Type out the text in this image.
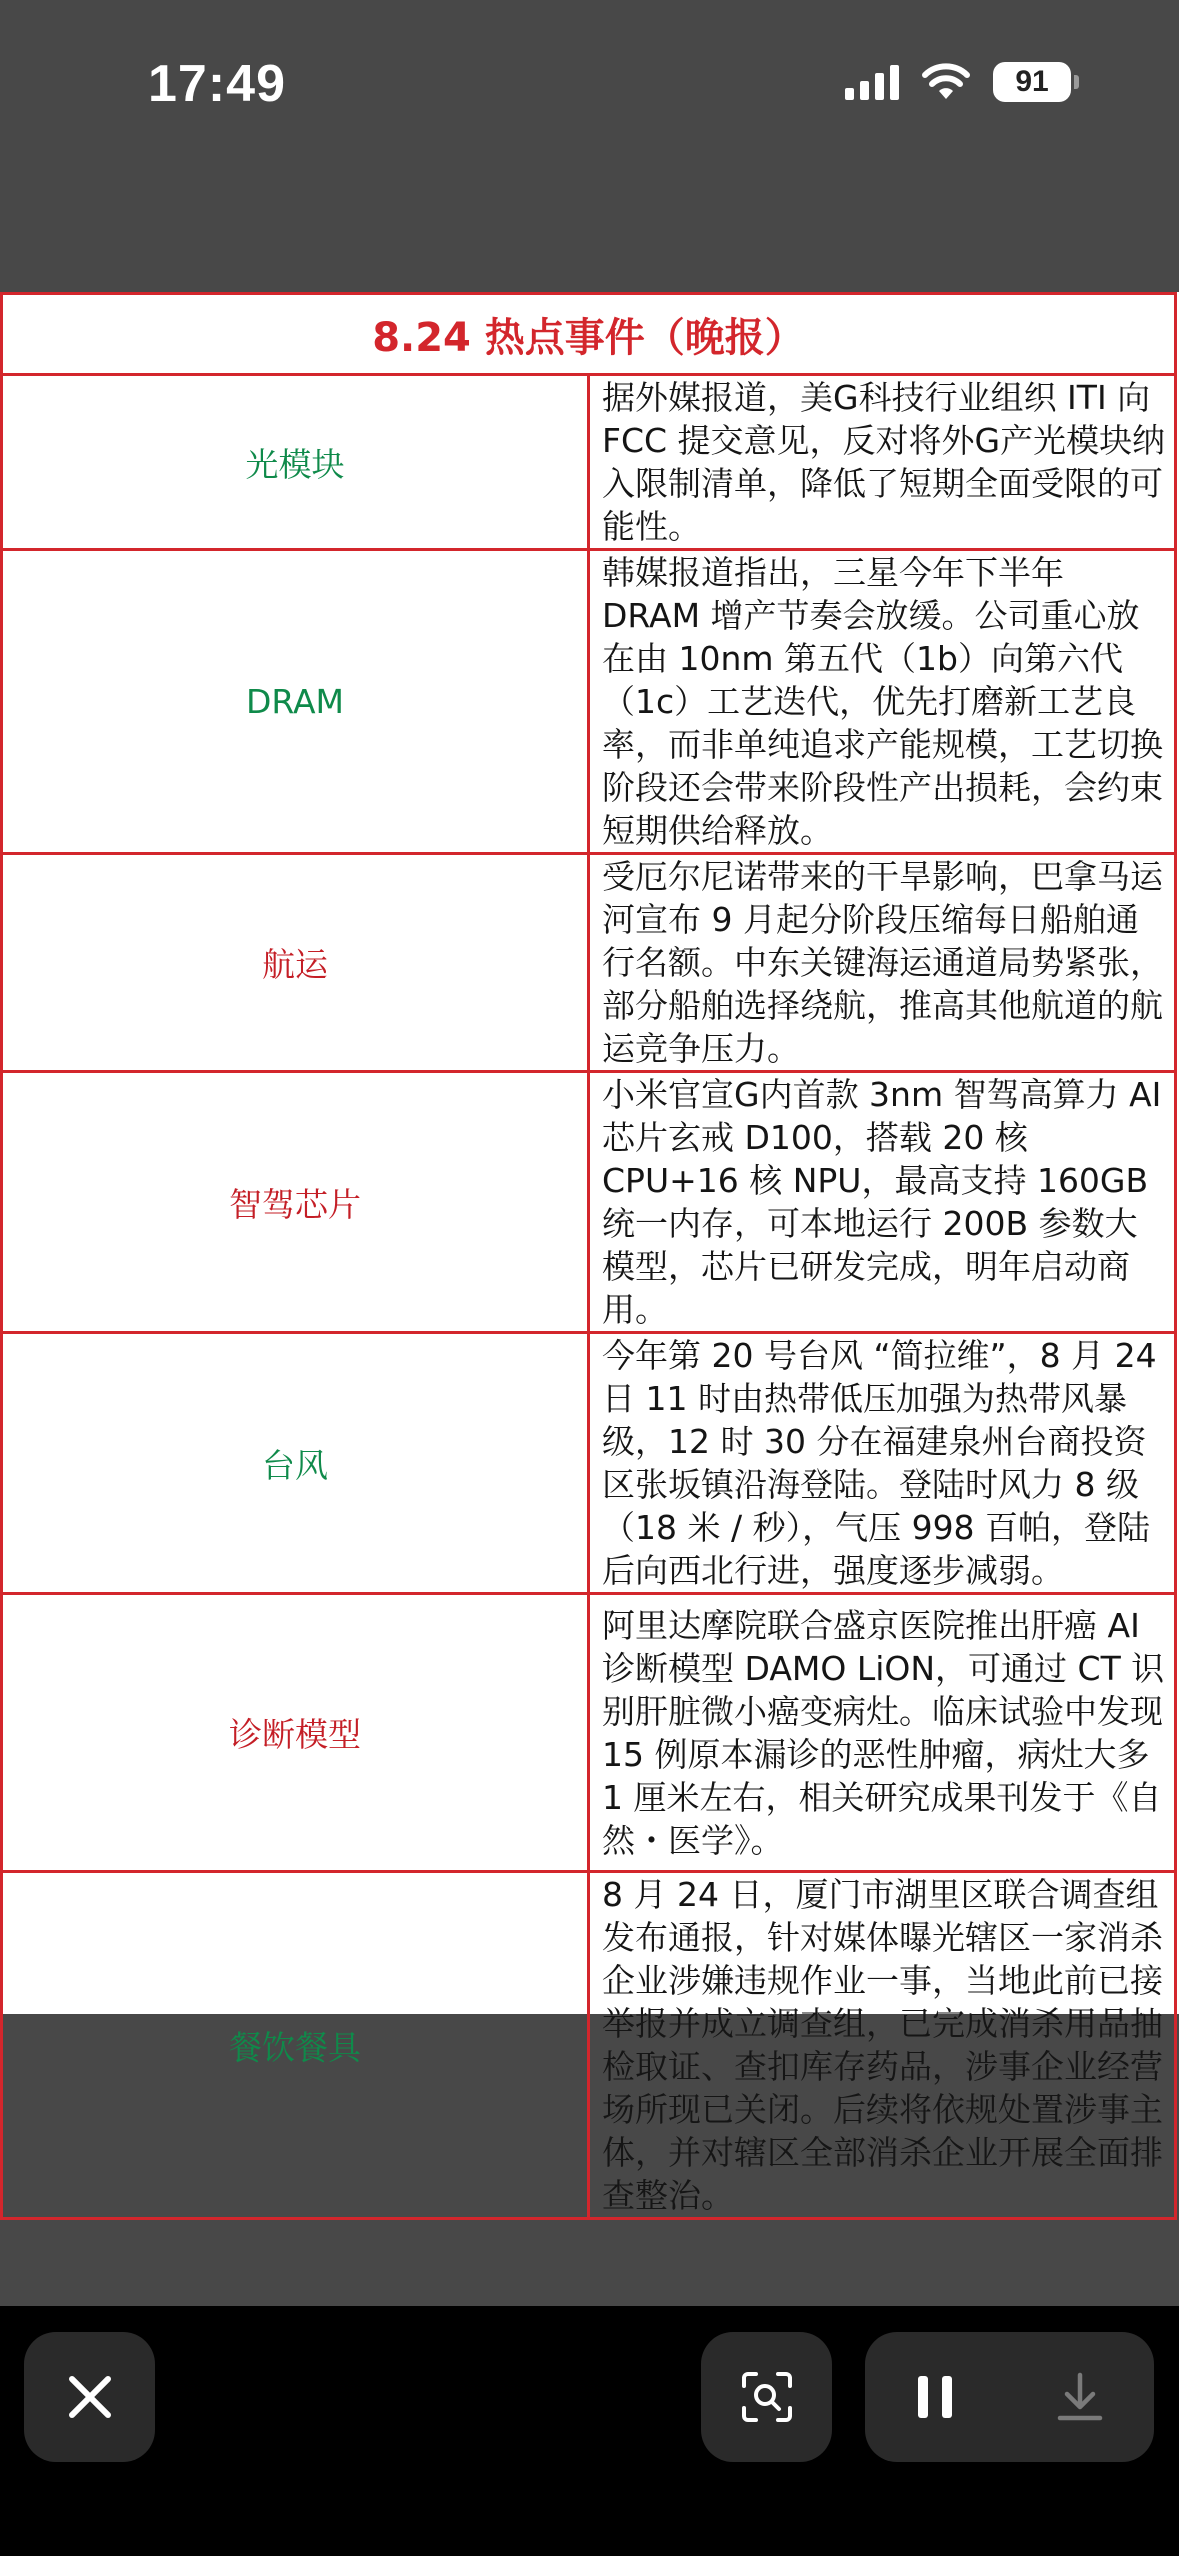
17:49	91
8.24 热点事件（晚报）	
光模块	据外媒报道，美G科技行业组织 ITI 向 FCC 提交意见，反对将外G产光模块纳入限制清单，降低了短期全面受限的可能性。
DRAM	韩媒报道指出，三星今年下半年 DRAM 增产节奏会放缓。公司重心放在由 10nm 第五代（1b）向第六代（1c）工艺迭代，优先打磨新工艺良率，而非单纯追求产能规模，工艺切换阶段还会带来阶段性产出损耗，会约束短期供给释放。
航运	受厄尔尼诺带来的干旱影响，巴拿马运河宣布 9 月起分阶段压缩每日船舶通行名额。中东关键海运通道局势紧张，部分船舶选择绕航，推高其他航道的航运竞争压力。
智驾芯片	小米官宣G内首款 3nm 智驾高算力 AI 芯片玄戒 D100，搭载 20 核 CPU+16 核 NPU，最高支持 160GB 统一内存，可本地运行 200B 参数大模型，芯片已研发完成，明年启动商用。
台风	今年第 20 号台风 “简拉维”，8 月 24 日 11 时由热带低压加强为热带风暴级，12 时 30 分在福建泉州台商投资区张坂镇沿海登陆。登陆时风力 8 级（18 米 / 秒），气压 998 百帕，登陆后向西北行进，强度逐步减弱。
诊断模型	阿里达摩院联合盛京医院推出肝癌 AI 诊断模型 DAMO LiON，可通过 CT 识别肝脏微小癌变病灶。临床试验中发现 15 例原本漏诊的恶性肿瘤，病灶大多 1 厘米左右，相关研究成果刊发于《自然・医学》。
餐饮餐具	8 月 24 日，厦门市湖里区联合调查组发布通报，针对媒体曝光辖区一家消杀企业涉嫌违规作业一事，当地此前已接举报并成立调查组，已完成消杀用品抽检取证、查扣库存药品，涉事企业经营场所现已关闭。后续将依规处置涉事主体，并对辖区全部消杀企业开展全面排查整治。
